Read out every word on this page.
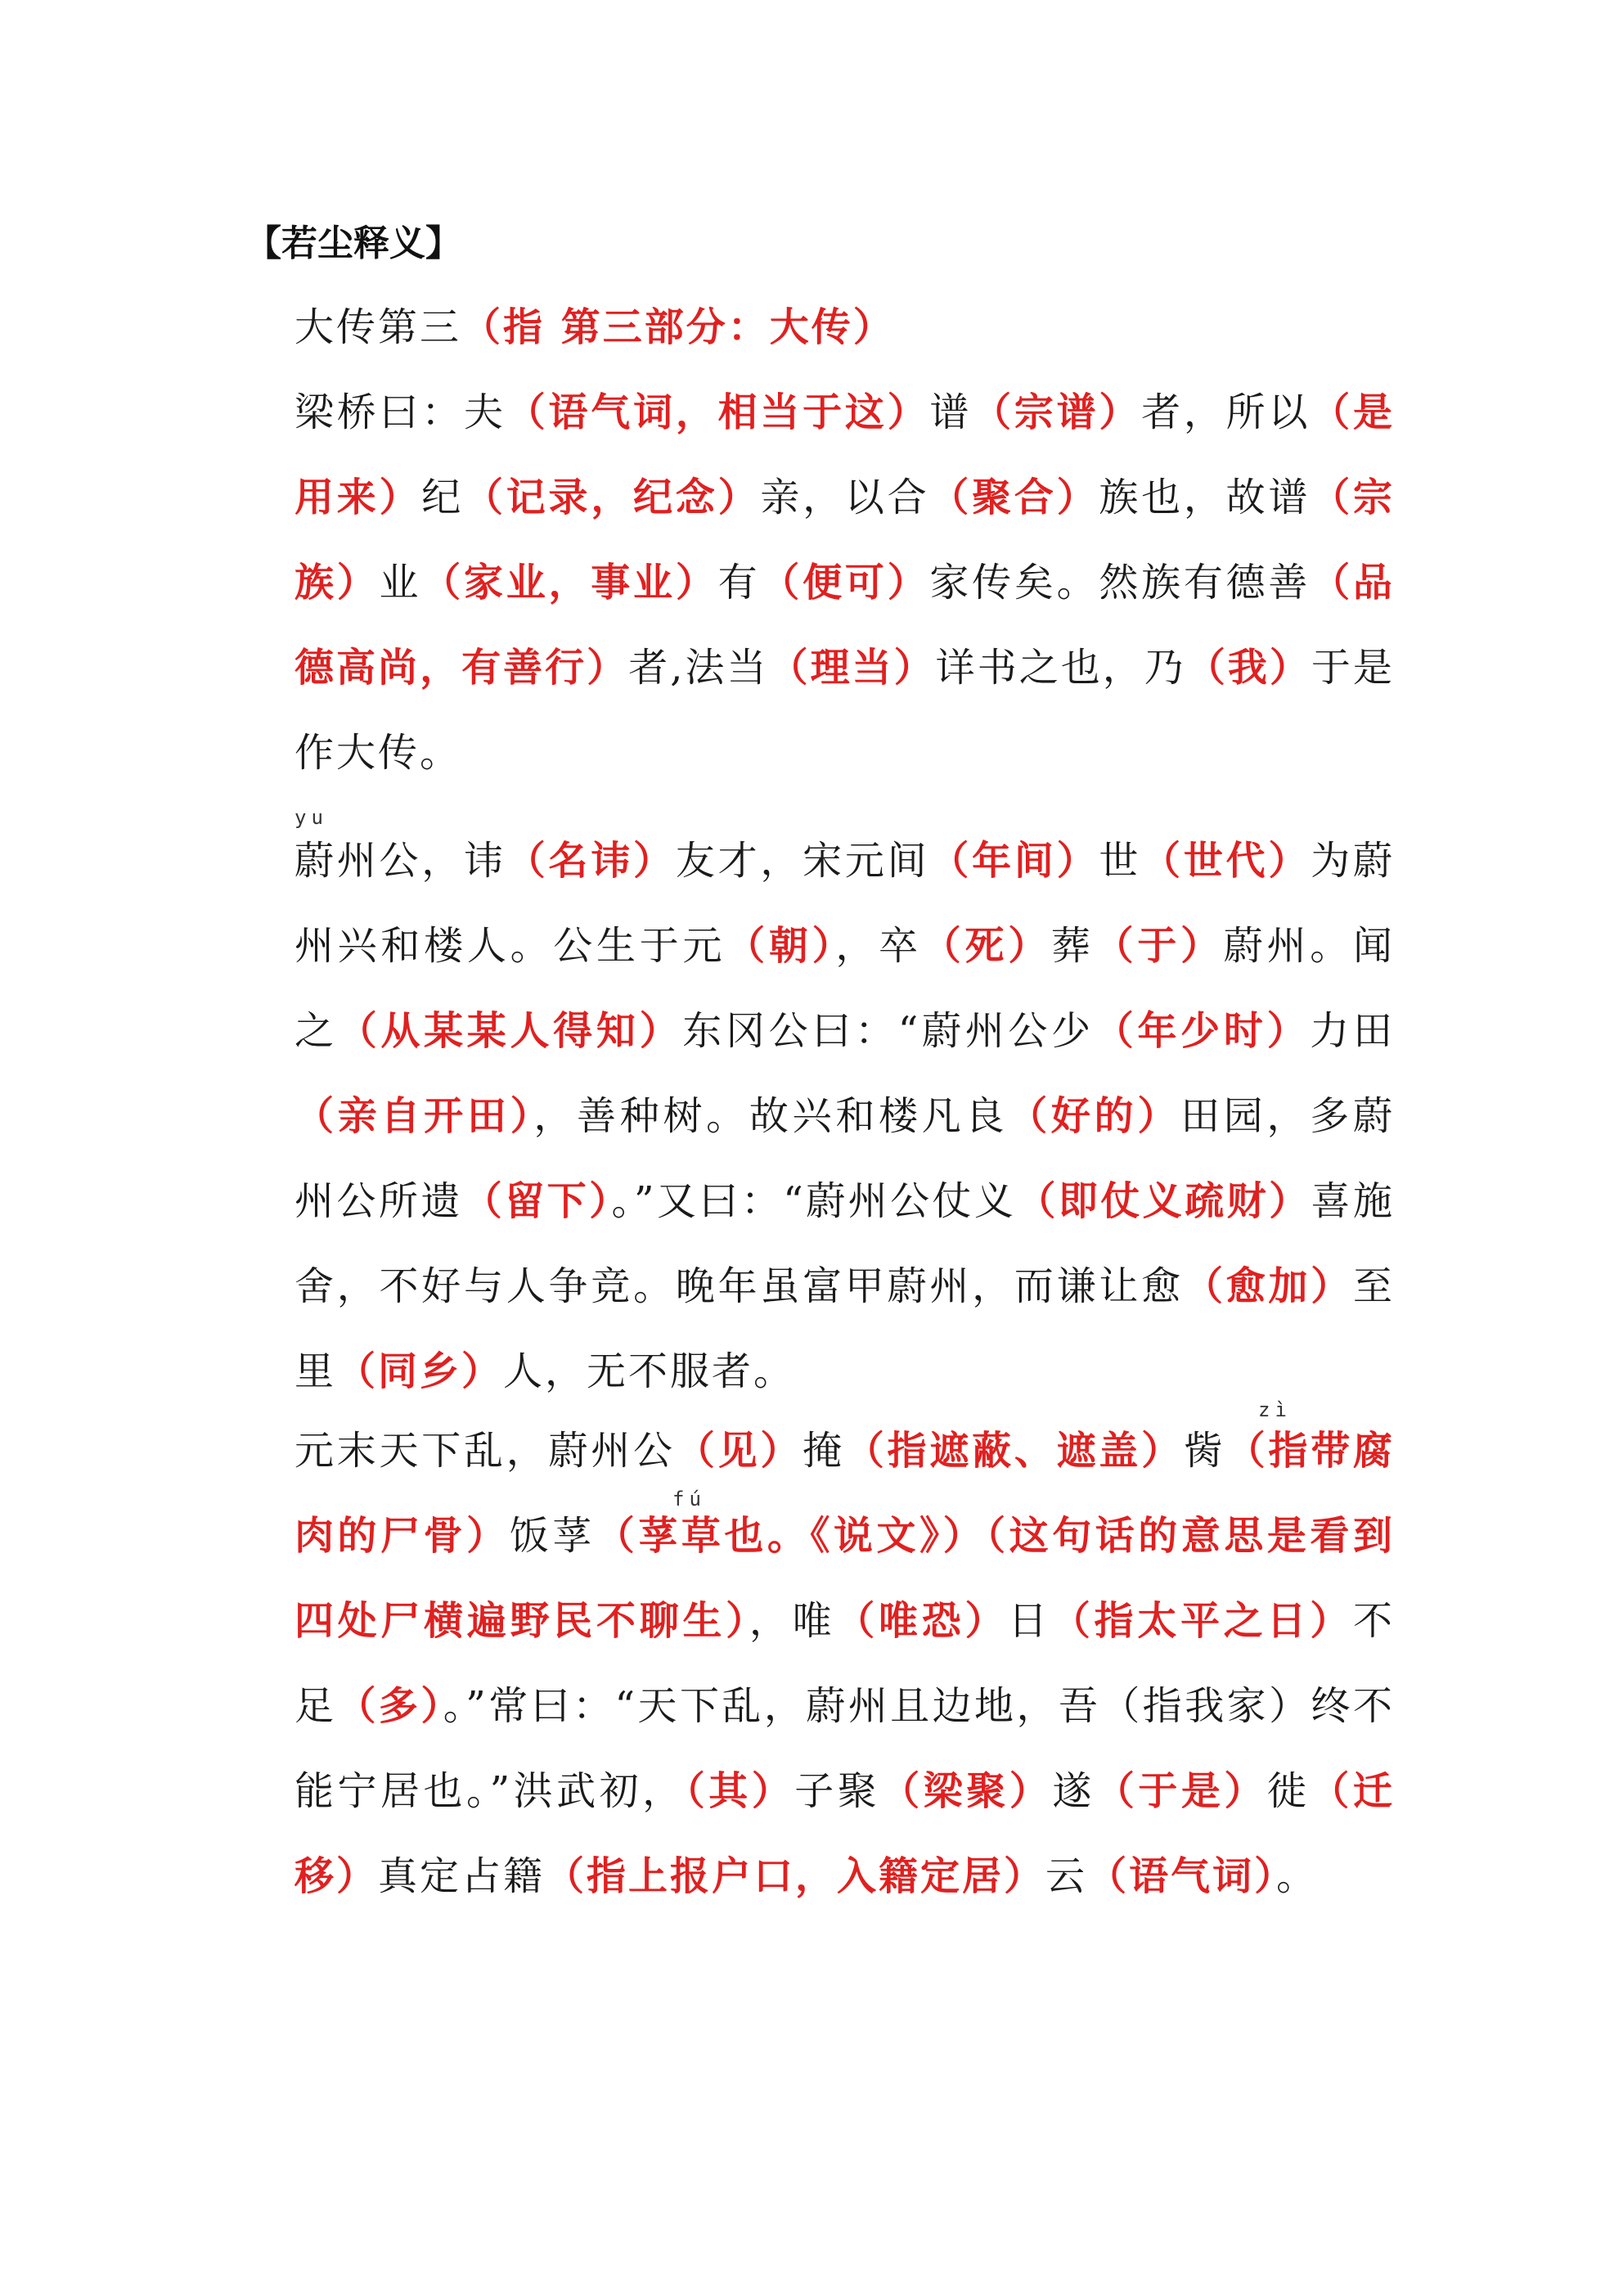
【若尘释义】
yu
zì
fú
大传第三（指 第三部分：大传）
梁桥曰：夫（语气词，相当于这）谱（宗谱）者，所以（是用来）纪（记录，纪念）亲，以合（聚合）族也，故谱（宗族）业（家业，事业）有（便可）家传矣。然族有德善（品德高尚，有善行）者,法当（理当）详书之也，乃（我）于是作大传。
蔚州公，讳（名讳）友才，宋元间（年间）世（世代）为蔚州兴和楼人。公生于元（朝），卒（死）葬（于）蔚州。闻之（从某某人得知）东冈公曰：“蔚州公少（年少时）力田（亲自开田），善种树。故兴和楼凡良（好的）田园，多蔚州公所遗（留下）。”又曰：“蔚州公仗义（即仗义疏财）喜施舍，不好与人争竞。晚年虽富甲蔚州，而谦让愈（愈加）至里（同乡）人，无不服者。
元末天下乱，蔚州公（见）掩（指遮蔽、遮盖）胔（指带腐肉的尸骨）饭莩（莩草也。《说文》）（这句话的意思是看到四处尸横遍野民不聊生），唯（唯恐）日（指太平之日）不足（多）。”常曰：“天下乱，蔚州且边地，吾（指我家）终不能宁居也。”洪武初，（其）子聚（梁聚）遂（于是）徙（迁移）真定占籍（指上报户口，入籍定居）云（语气词）。
